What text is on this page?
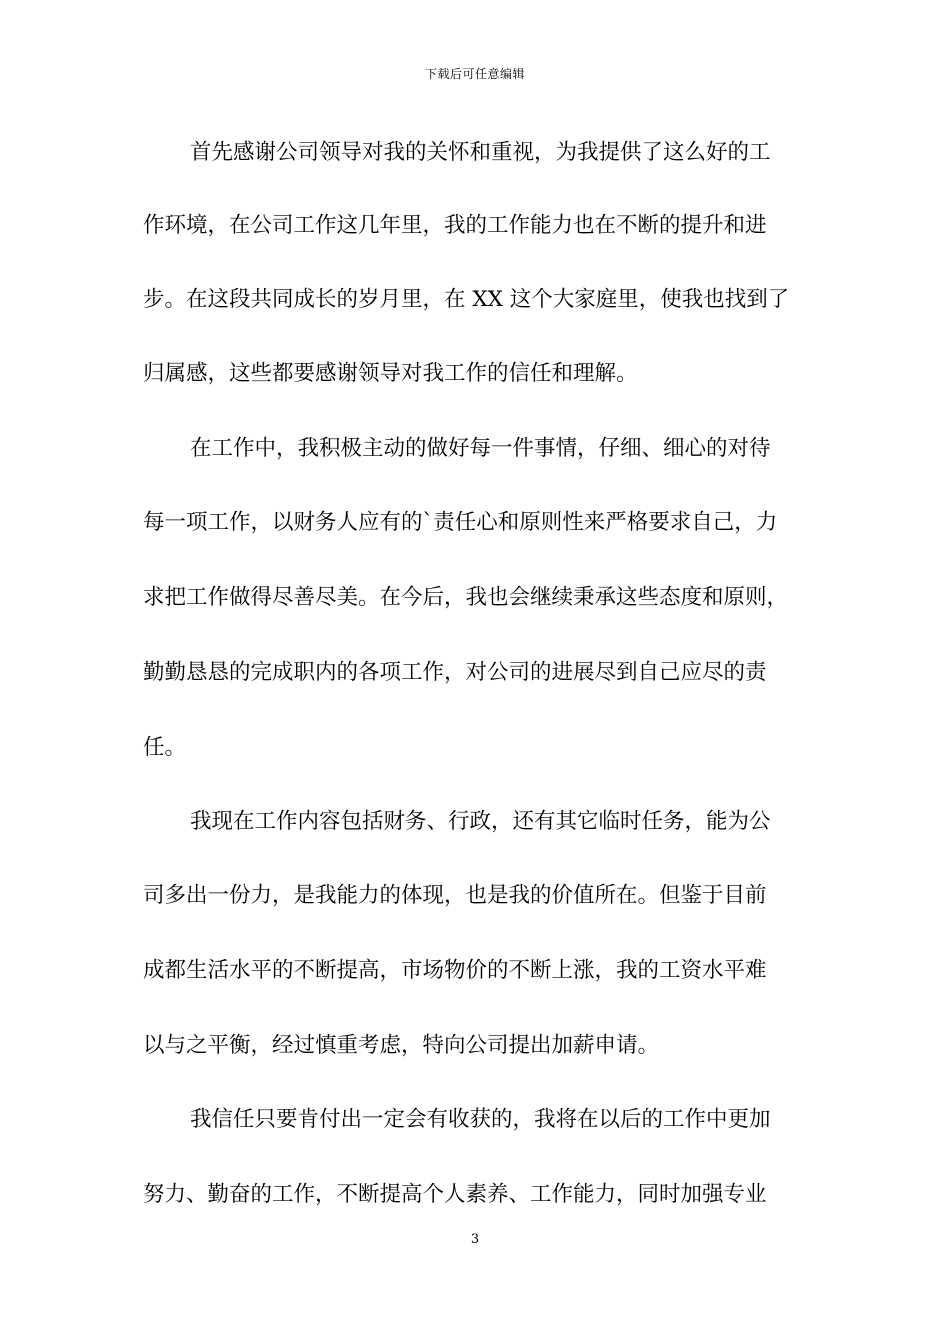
下载后可任意编辑
首先感谢公司领导对我的关怀和重视，为我提供了这么好的工
作环境，在公司工作这几年里，我的工作能力也在不断的提升和进
步。在这段共同成长的岁月里，在 XX 这个大家庭里，使我也找到了
归属感，这些都要感谢领导对我工作的信任和理解。
在工作中，我积极主动的做好每一件事情，仔细、细心的对待
每一项工作，以财务人应有的`责任心和原则性来严格要求自己，力
求把工作做得尽善尽美。在今后，我也会继续秉承这些态度和原则，
勤勤恳恳的完成职内的各项工作，对公司的进展尽到自己应尽的责
任。
我现在工作内容包括财务、行政，还有其它临时任务，能为公
司多出一份力，是我能力的体现，也是我的价值所在。但鉴于目前
成都生活水平的不断提高，市场物价的不断上涨，我的工资水平难
以与之平衡，经过慎重考虑，特向公司提出加薪申请。
我信任只要肯付出一定会有收获的，我将在以后的工作中更加
努力、勤奋的工作，不断提高个人素养、工作能力，同时加强专业
3
